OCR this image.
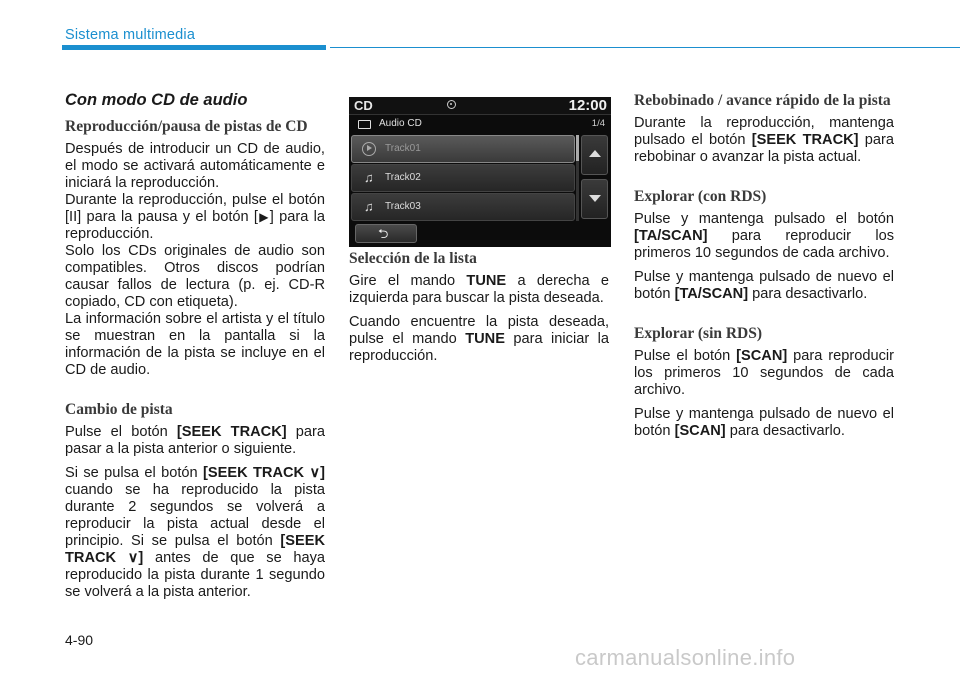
Sistema multimedia
Con modo CD de audio
Reproducción/pausa de pistas de CD

Después de introducir un CD de audio, el modo se activará automáticamente e iniciará la reproducción.

Durante la reproducción, pulse el botón [II] para la pausa y el botón [▶] para la reproducción.

Solo los CDs originales de audio son compatibles. Otros discos podrían causar fallos de lectura (p. ej. CD-R copiado, CD con etiqueta).

La información sobre el artista y el título se muestran en la pantalla si la información de la pista se incluye en el CD de audio.

Cambio de pista

Pulse el botón [SEEK TRACK] para pasar a la pista anterior o siguiente.

Si se pulsa el botón [SEEK TRACK ∨] cuando se ha reproducido la pista durante 2 segundos se volverá a reproducir la pista actual desde el principio. Si se pulsa el botón [SEEK TRACK ∨] antes de que se haya reproducido la pista durante 1 segundo se volverá a la pista anterior.

CD	12:00
Audio CD	1/4
Track01
♫ Track02
♫ Track03
⮌
Selección de la lista

Gire el mando TUNE a derecha e izquierda para buscar la pista deseada.

Cuando encuentre la pista deseada, pulse el mando TUNE para iniciar la reproducción.

Rebobinado / avance rápido de la pista

Durante la reproducción, mantenga pulsado el botón [SEEK TRACK] para rebobinar o avanzar la pista actual.

Explorar (con RDS)

Pulse y mantenga pulsado el botón [TA/SCAN] para reproducir los primeros 10 segundos de cada archivo.

Pulse y mantenga pulsado de nuevo el botón [TA/SCAN] para desactivarlo.

Explorar (sin RDS)

Pulse el botón [SCAN] para reproducir los primeros 10 segundos de cada archivo.

Pulse y mantenga pulsado de nuevo el botón [SCAN] para desactivarlo.

4-90
carmanualsonline.info
